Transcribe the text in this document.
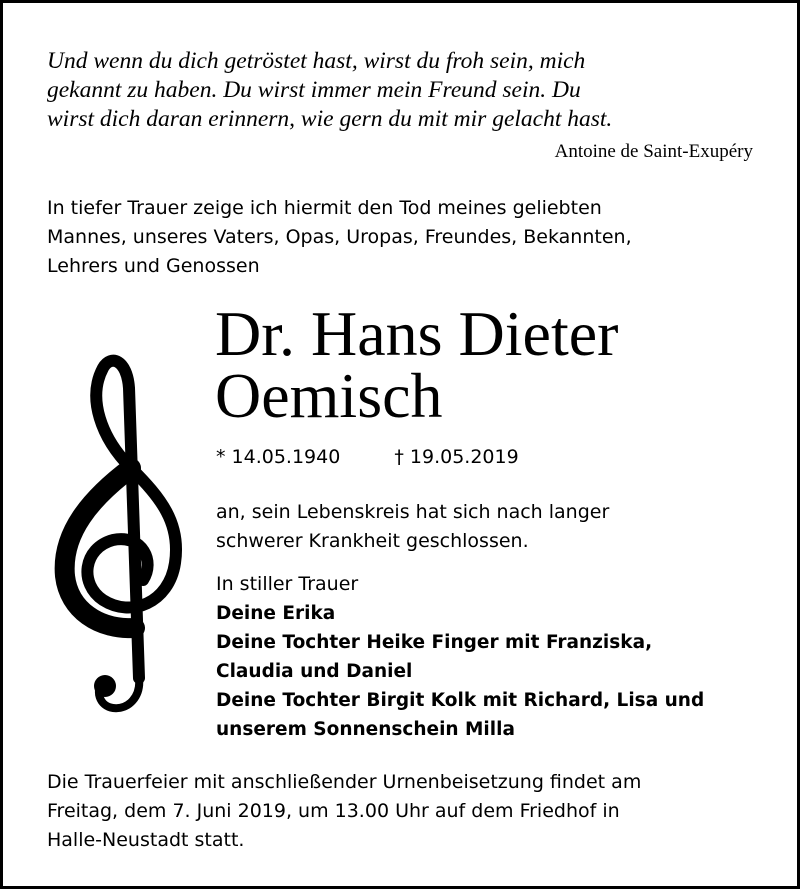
Und wenn du dich getröstet hast, wirst du froh sein, mich
gekannt zu haben. Du wirst immer mein Freund sein. Du
wirst dich daran erinnern, wie gern du mit mir gelacht hast.

Antoine de Saint-Exupéry

In tiefer Trauer zeige ich hiermit den Tod meines geliebten
Mannes, unseres Vaters, Opas, Uropas, Freundes, Bekannten,
Lehrers und Genossen

Dr. Hans Dieter
Oemisch
* 14.05.1940	† 19.05.2019

an, sein Lebenskreis hat sich nach langer
schwerer Krankheit geschlossen.

In stiller Trauer
Deine Erika
Deine Tochter Heike Finger mit Franziska,
Claudia und Daniel
Deine Tochter Birgit Kolk mit Richard, Lisa und
unserem Sonnenschein Milla

Die Trauerfeier mit anschließender Urnenbeisetzung findet am
Freitag, dem 7. Juni 2019, um 13.00 Uhr auf dem Friedhof in
Halle-Neustadt statt.
